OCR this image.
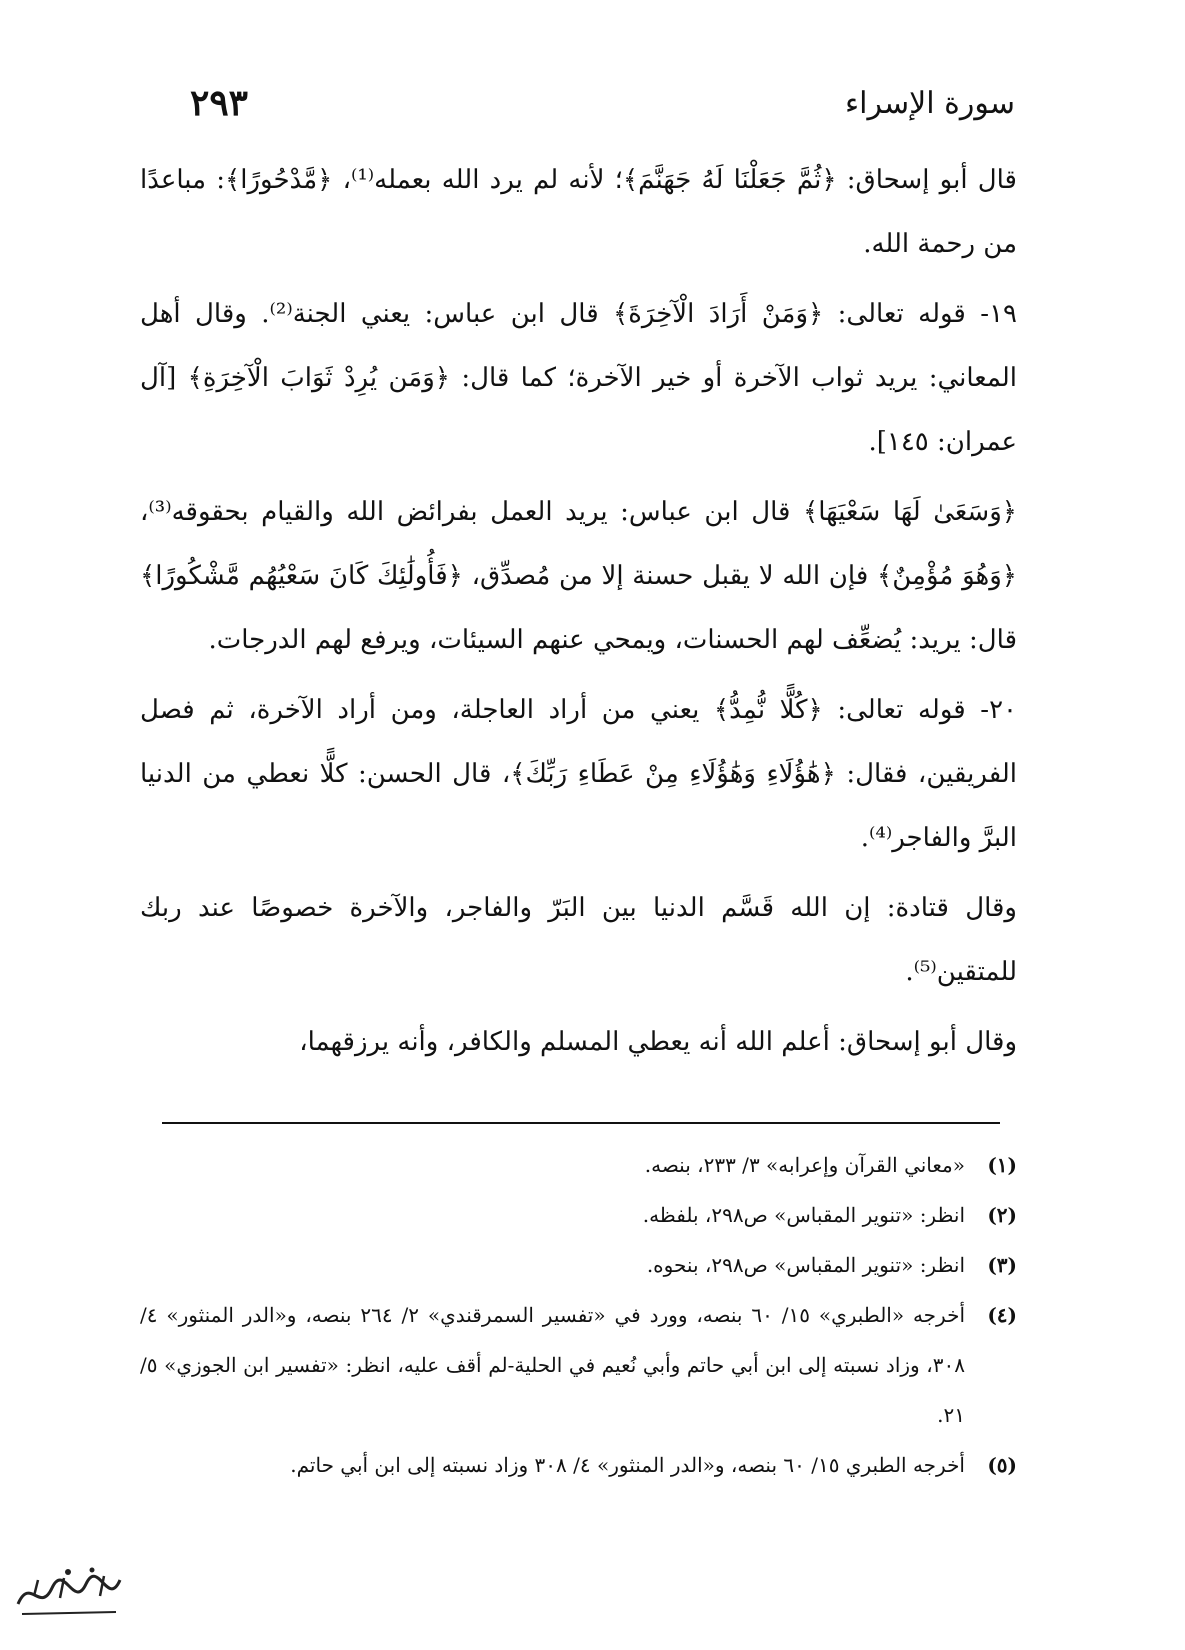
سورة الإسراء
٢٩٣

قال أبو إسحاق: ﴿ثُمَّ جَعَلْنَا لَهُ جَهَنَّمَ﴾؛ لأنه لم يرد الله بعمله⁽¹⁾، ﴿مَّدْحُورًا﴾: مباعدًا من رحمة الله.

١٩- قوله تعالى: ﴿وَمَنْ أَرَادَ الْآخِرَةَ﴾ قال ابن عباس: يعني الجنة⁽²⁾. وقال أهل المعاني: يريد ثواب الآخرة أو خير الآخرة؛ كما قال: ﴿وَمَن يُرِدْ ثَوَابَ الْآخِرَةِ﴾ [آل عمران: ١٤٥].

﴿وَسَعَىٰ لَهَا سَعْيَهَا﴾ قال ابن عباس: يريد العمل بفرائض الله والقيام بحقوقه⁽³⁾، ﴿وَهُوَ مُؤْمِنٌ﴾ فإن الله لا يقبل حسنة إلا من مُصدِّق، ﴿فَأُولَٰئِكَ كَانَ سَعْيُهُم مَّشْكُورًا﴾ قال: يريد: يُضعِّف لهم الحسنات، ويمحي عنهم السيئات، ويرفع لهم الدرجات.

٢٠- قوله تعالى: ﴿كُلًّا نُّمِدُّ﴾ يعني من أراد العاجلة، ومن أراد الآخرة، ثم فصل الفريقين، فقال: ﴿هَٰؤُلَاءِ وَهَٰؤُلَاءِ مِنْ عَطَاءِ رَبِّكَ﴾، قال الحسن: كلًّا نعطي من الدنيا البرَّ والفاجر⁽⁴⁾.

وقال قتادة: إن الله قَسَّم الدنيا بين البَرّ والفاجر، والآخرة خصوصًا عند ربك للمتقين⁽⁵⁾.

وقال أبو إسحاق: أعلم الله أنه يعطي المسلم والكافر، وأنه يرزقهما،

(١)
«معاني القرآن وإعرابه» ٣/ ٢٣٣، بنصه.
(٢)
انظر: «تنوير المقباس» ص٢٩٨، بلفظه.
(٣)
انظر: «تنوير المقباس» ص٢٩٨، بنحوه.
(٤)
أخرجه «الطبري» ١٥/ ٦٠ بنصه، وورد في «تفسير السمرقندي» ٢/ ٢٦٤ بنصه، و«الدر المنثور» ٤/ ٣٠٨، وزاد نسبته إلى ابن أبي حاتم وأبي نُعيم في الحلية-لم أقف عليه، انظر: «تفسير ابن الجوزي» ٥/ ٢١.
(٥)
أخرجه الطبري ١٥/ ٦٠ بنصه، و«الدر المنثور» ٤/ ٣٠٨ وزاد نسبته إلى ابن أبي حاتم.
